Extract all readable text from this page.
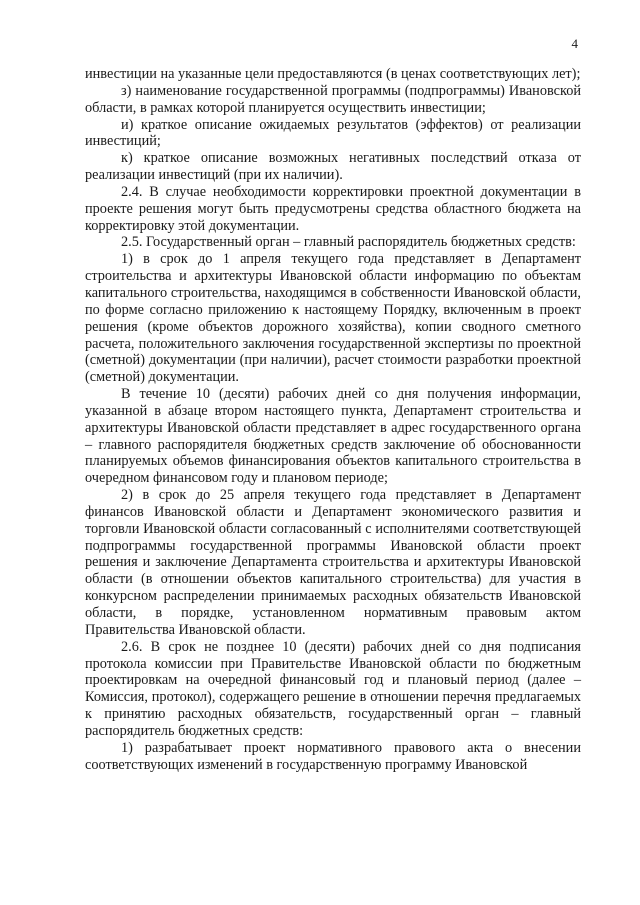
4

инвестиции на указанные цели предоставляются (в ценах соответствующих лет);

з) наименование государственной программы (подпрограммы) Ивановской области, в рамках которой планируется осуществить инвестиции;

и) краткое описание ожидаемых результатов (эффектов) от реализации инвестиций;

к) краткое описание возможных негативных последствий отказа от реализации инвестиций (при их наличии).

2.4. В случае необходимости корректировки проектной документации в проекте решения могут быть предусмотрены средства областного бюджета на корректировку этой документации.

2.5. Государственный орган – главный распорядитель бюджетных средств:

1) в срок до 1 апреля текущего года представляет в Департамент строительства и архитектуры Ивановской области информацию по объектам капитального строительства, находящимся в собственности Ивановской области, по форме согласно приложению к настоящему Порядку, включенным в проект решения (кроме объектов дорожного хозяйства), копии сводного сметного расчета, положительного заключения государственной экспертизы по проектной (сметной) документации (при наличии), расчет стоимости разработки проектной (сметной) документации.

В течение 10 (десяти) рабочих дней со дня получения информации, указанной в абзаце втором настоящего пункта, Департамент строительства и архитектуры Ивановской области представляет в адрес государственного органа – главного распорядителя бюджетных средств заключение об обоснованности планируемых объемов финансирования объектов капитального строительства в очередном финансовом году и плановом периоде;

2) в срок до 25 апреля текущего года представляет в Департамент финансов Ивановской области и Департамент экономического развития и торговли Ивановской области согласованный с исполнителями соответствующей подпрограммы государственной программы Ивановской области проект решения и заключение Департамента строительства и архитектуры Ивановской области (в отношении объектов капитального строительства) для участия в конкурсном распределении принимаемых расходных обязательств Ивановской области, в порядке, установленном нормативным правовым актом Правительства Ивановской области.

2.6. В срок не позднее 10 (десяти) рабочих дней со дня подписания протокола комиссии при Правительстве Ивановской области по бюджетным проектировкам на очередной финансовый год и плановый период (далее – Комиссия, протокол), содержащего решение в отношении перечня предлагаемых к принятию расходных обязательств, государственный орган – главный распорядитель бюджетных средств:

1) разрабатывает проект нормативного правового акта о внесении соответствующих изменений в государственную программу Ивановской
